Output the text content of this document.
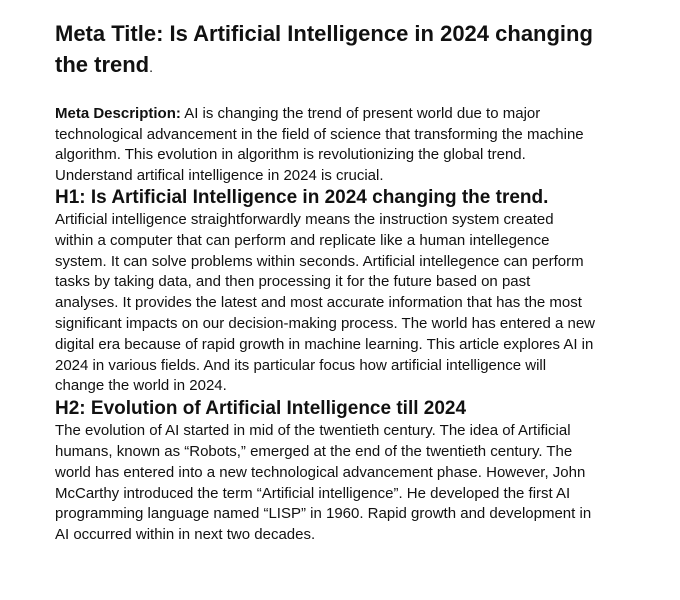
Meta Title: Is Artificial Intelligence in 2024 changing the trend.

Meta Description: AI is changing the trend of present world due to major technological advancement in the field of science that transforming the machine algorithm. This evolution in algorithm is revolutionizing the global trend. Understand artifical intelligence in 2024 is crucial.

H1: Is Artificial Intelligence in 2024 changing the trend.

Artificial intelligence straightforwardly means the instruction system created within a computer that can perform and replicate like a human intellegence system. It can solve problems within seconds. Artificial intellegence can perform tasks by taking data, and then processing it for the future based on past analyses. It provides the latest and most accurate information that has the most significant impacts on our decision-making process. The world has entered a new digital era because of rapid growth in machine learning. This article explores AI in 2024 in various fields. And its particular focus how artificial intelligence will change the world in 2024.

H2: Evolution of Artificial Intelligence till 2024

The evolution of AI started in mid of the twentieth century. The idea of Artificial humans, known as “Robots,” emerged at the end of the twentieth century. The world has entered into a new technological advancement phase. However, John McCarthy introduced the term “Artificial intelligence”. He developed the first AI programming language named “LISP” in 1960. Rapid growth and development in AI occurred within in next two decades.
